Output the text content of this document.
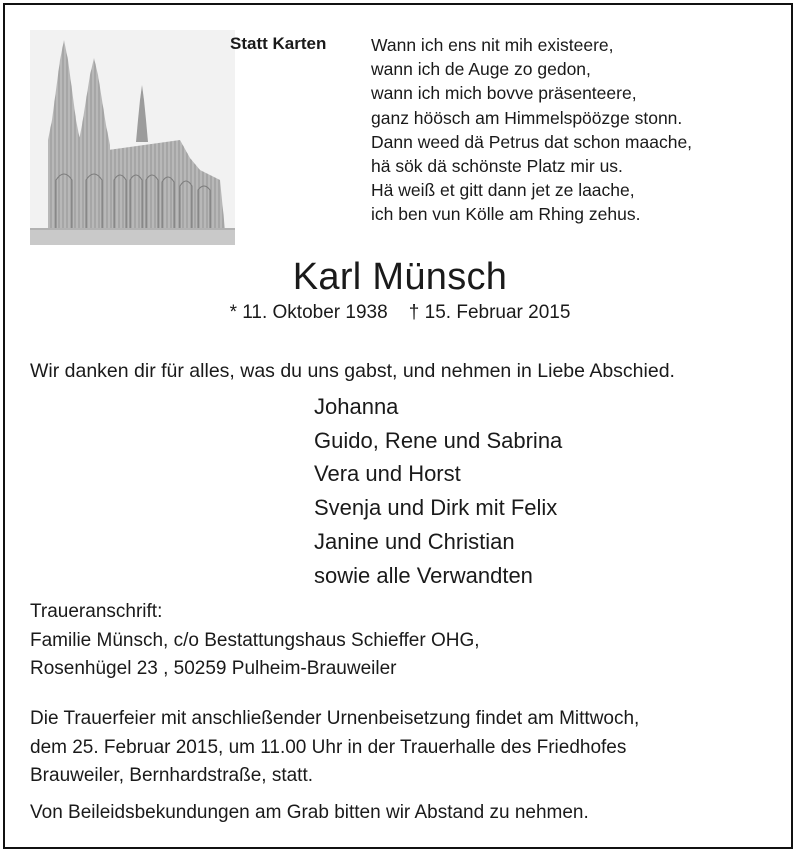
Statt Karten	Wann ich ens nit mih existeere,
wann ich de Auge zo gedon,
wann ich mich bovve präsenteere,
ganz höösch am Himmelspöözge stonn.
Dann weed dä Petrus dat schon maache,
hä sök dä schönste Platz mir us.
Hä weiß et gitt dann jet ze laache,
ich ben vun Kölle am Rhing zehus.
Karl Münsch
* 11. Oktober 1938 † 15. Februar 2015
Wir danken dir für alles, was du uns gabst, und nehmen in Liebe Abschied.
Johanna
Guido, Rene und Sabrina
Vera und Horst
Svenja und Dirk mit Felix
Janine und Christian
sowie alle Verwandten
Traueranschrift:
Familie Münsch, c/o Bestattungshaus Schieffer OHG,
Rosenhügel 23 , 50259 Pulheim-Brauweiler
Die Trauerfeier mit anschließender Urnenbeisetzung findet am Mittwoch,
dem 25. Februar 2015, um 11.00 Uhr in der Trauerhalle des Friedhofes
Brauweiler, Bernhardstraße, statt.
Von Beileidsbekundungen am Grab bitten wir Abstand zu nehmen.
